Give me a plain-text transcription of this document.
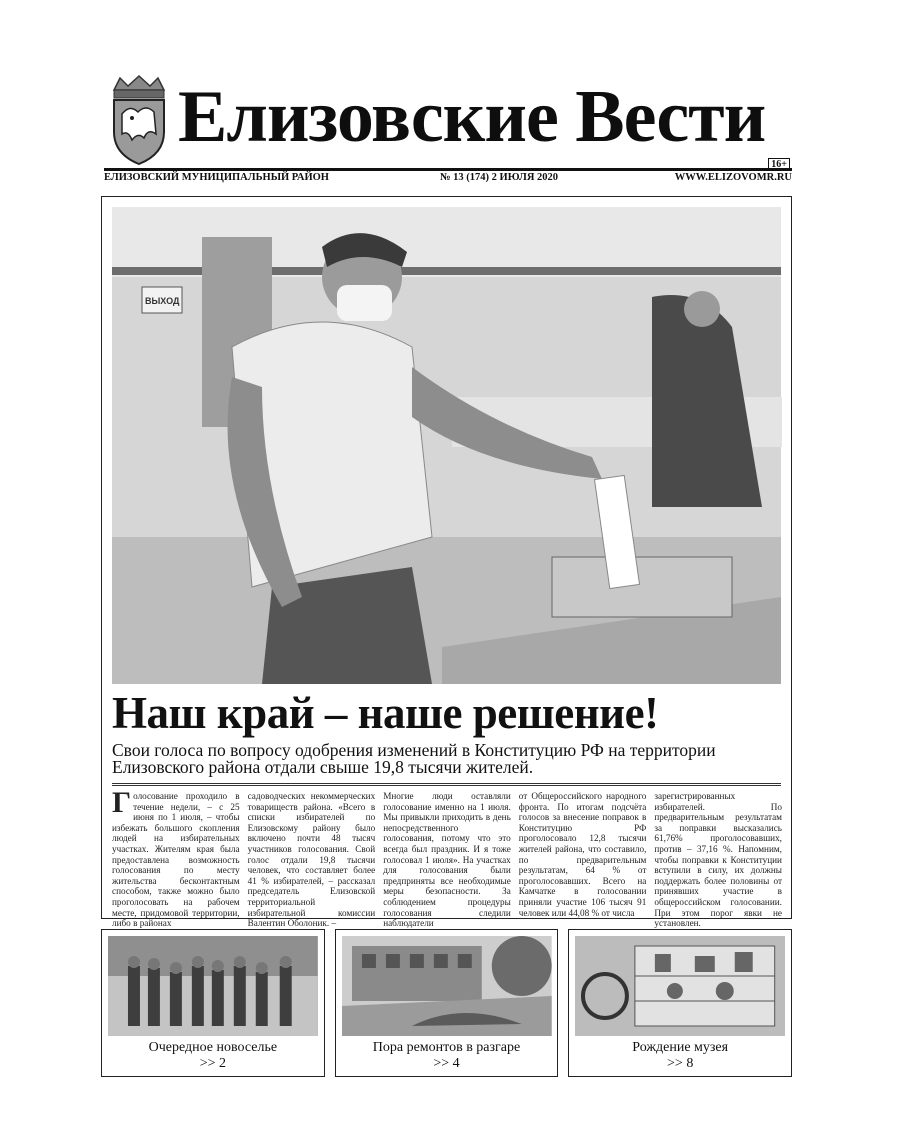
Елизовские Вести
16+
ЕЛИЗОВСКИЙ МУНИЦИПАЛЬНЫЙ РАЙОН	№ 13 (174) 2 ИЮЛЯ 2020	WWW.ELIZOVOMR.RU
ВЫХОД
Наш край – наше решение!
Свои голоса по вопросу одобрения изменений в Конституцию РФ на территории Елизовского района отдали свыше 19,8 тысячи жителей.
Голосование проходило в течение недели, – с 25 июня по 1 июля, – чтобы избежать большого скопления людей на избирательных участках. Жителям края была предоставлена возможность голосования по месту жительства бесконтактным способом, также можно было проголосовать на рабочем месте, придомовой территории, либо в районах
садоводческих некоммерческих товариществ района. «Всего в списки избирателей по Елизовскому району было включено почти 48 тысяч участников голосования. Свой голос отдали 19,8 тысячи человек, что составляет более 41 % избирателей, – рассказал председатель Елизовской территориальной избирательной комиссии Валентин Оболоник. –
Многие люди оставляли голосование именно на 1 июля. Мы привыкли приходить в день непосредственного голосования, потому что это всегда был праздник. И я тоже голосовал 1 июля». На участках для голосования были предприняты все необходимые меры безопасности. За соблюдением процедуры голосования следили наблюдатели
от Общероссийского народного фронта. По итогам подсчёта голосов за внесение поправок в Конституцию РФ проголосовало 12,8 тысячи жителей района, что составило, по предварительным результатам, 64 % от проголосовавших. Всего на Камчатке в голосовании приняли участие 106 тысяч 91 человек или 44,08 % от числа
зарегистрированных избирателей. По предварительным результатам за поправки высказались 61,76% проголосовавших, против – 37,16 %. Напомним, чтобы поправки к Конституции вступили в силу, их должны поддержать более половины от принявших участие в общероссийском голосовании. При этом порог явки не установлен.
Очередное новоселье
>> 2
Пора ремонтов в разгаре
>> 4
Рождение музея
>> 8
